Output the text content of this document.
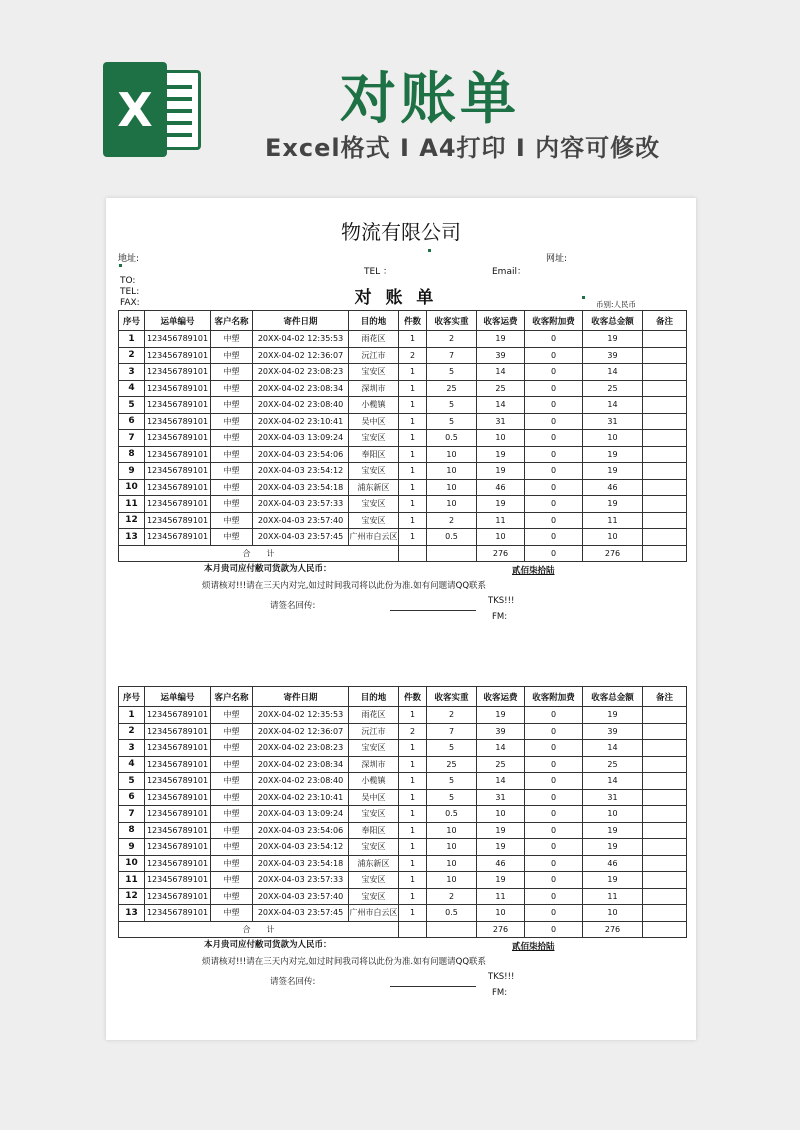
X	对账单
Excel格式 I A4打印 I 内容可修改
物流有限公司
地址:	网址:
TEL ：	Email：
TO:
TEL:
FAX:	对 账 单	币别:人民币
序号	运单编号	客户名称	寄件日期	目的地	件数	收客实重	收客运费	收客附加费	收客总金额	备注
1	123456789101	中塑	20XX-04-02 12:35:53	雨花区	1	2	19	0	19	
2	123456789101	中塑	20XX-04-02 12:36:07	沅江市	2	7	39	0	39	
3	123456789101	中塑	20XX-04-02 23:08:23	宝安区	1	5	14	0	14	
4	123456789101	中塑	20XX-04-02 23:08:34	深圳市	1	25	25	0	25	
5	123456789101	中塑	20XX-04-02 23:08:40	小榄镇	1	5	14	0	14	
6	123456789101	中塑	20XX-04-02 23:10:41	吴中区	1	5	31	0	31	
7	123456789101	中塑	20XX-04-03 13:09:24	宝安区	1	0.5	10	0	10	
8	123456789101	中塑	20XX-04-03 23:54:06	奉阳区	1	10	19	0	19	
9	123456789101	中塑	20XX-04-03 23:54:12	宝安区	1	10	19	0	19	
10	123456789101	中塑	20XX-04-03 23:54:18	浦东新区	1	10	46	0	46	
11	123456789101	中塑	20XX-04-03 23:57:33	宝安区	1	10	19	0	19	
12	123456789101	中塑	20XX-04-03 23:57:40	宝安区	1	2	11	0	11	
13	123456789101	中塑	20XX-04-03 23:57:45	广州市白云区	1	0.5	10	0	10	
合　　计							276	0	276	
本月贵司应付敝司货款为人民币：	贰佰柒拾陆
烦请核对!!!请在三天内对完,如过时间我司将以此份为准.如有问题请QQ联系
请签名回传:	TKS!!!
FM:
序号	运单编号	客户名称	寄件日期	目的地	件数	收客实重	收客运费	收客附加费	收客总金额	备注
1	123456789101	中塑	20XX-04-02 12:35:53	雨花区	1	2	19	0	19	
2	123456789101	中塑	20XX-04-02 12:36:07	沅江市	2	7	39	0	39	
3	123456789101	中塑	20XX-04-02 23:08:23	宝安区	1	5	14	0	14	
4	123456789101	中塑	20XX-04-02 23:08:34	深圳市	1	25	25	0	25	
5	123456789101	中塑	20XX-04-02 23:08:40	小榄镇	1	5	14	0	14	
6	123456789101	中塑	20XX-04-02 23:10:41	吴中区	1	5	31	0	31	
7	123456789101	中塑	20XX-04-03 13:09:24	宝安区	1	0.5	10	0	10	
8	123456789101	中塑	20XX-04-03 23:54:06	奉阳区	1	10	19	0	19	
9	123456789101	中塑	20XX-04-03 23:54:12	宝安区	1	10	19	0	19	
10	123456789101	中塑	20XX-04-03 23:54:18	浦东新区	1	10	46	0	46	
11	123456789101	中塑	20XX-04-03 23:57:33	宝安区	1	10	19	0	19	
12	123456789101	中塑	20XX-04-03 23:57:40	宝安区	1	2	11	0	11	
13	123456789101	中塑	20XX-04-03 23:57:45	广州市白云区	1	0.5	10	0	10	
合　　计							276	0	276	
本月贵司应付敝司货款为人民币：	贰佰柒拾陆
烦请核对!!!请在三天内对完,如过时间我司将以此份为准.如有问题请QQ联系
请签名回传:	TKS!!!
FM:
